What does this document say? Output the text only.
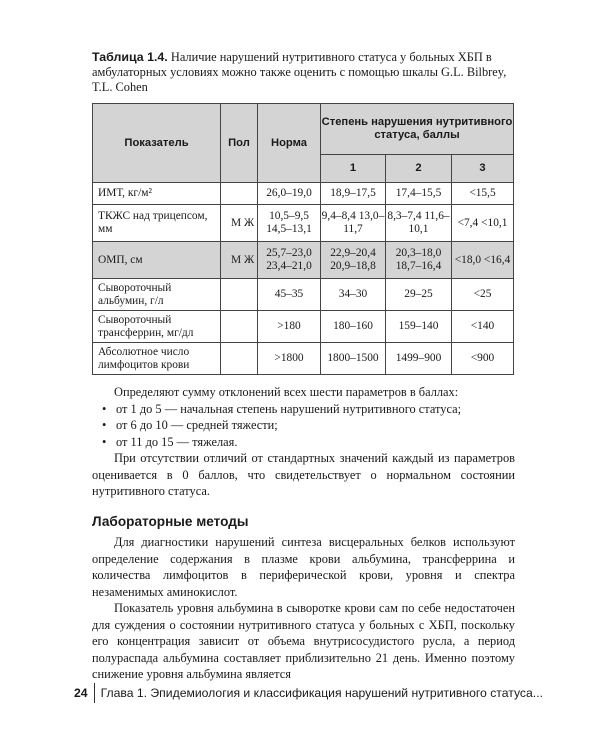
Таблица 1.4. Наличие нарушений нутритивного статуса у больных ХБП в амбулаторных условиях можно также оценить с помощью шкалы G.L. Bilbrey, T.L. Cohen

Показатель	Пол	Норма	Степень нарушения нутритивного статуса, баллы		
			1	2	3
ИМТ, кг/м²		26,0–19,0	18,9–17,5	17,4–15,5	<15,5
ТКЖС над трицепсом, мм	М Ж	10,5–9,5 14,5–13,1	9,4–8,4 13,0–11,7	8,3–7,4 11,6–10,1	<7,4 <10,1
ОМП, см	М Ж	25,7–23,0 23,4–21,0	22,9–20,4 20,9–18,8	20,3–18,0 18,7–16,4	<18,0 <16,4
Сывороточный альбумин, г/л		45–35	34–30	29–25	<25
Сывороточный трансферрин, мг/дл		>180	180–160	159–140	<140
Абсолютное число лимфоцитов крови		>1800	1800–1500	1499–900	<900

Определяют сумму отклонений всех шести параметров в баллах:

• от 1 до 5 — начальная степень нарушений нутритивного статуса;
• от 6 до 10 — средней тяжести;
• от 11 до 15 — тяжелая.

При отсутствии отличий от стандартных значений каждый из параметров оценивается в 0 баллов, что свидетельствует о нормальном состоянии нутритивного статуса.

Лабораторные методы

Для диагностики нарушений синтеза висцеральных белков используют определение содержания в плазме крови альбумина, трансферрина и количества лимфоцитов в периферической крови, уровня и спектра незаменимых аминокислот.

Показатель уровня альбумина в сыворотке крови сам по себе недостаточен для суждения о состоянии нутритивного статуса у больных с ХБП, поскольку его концентрация зависит от объема внутрисосудистого русла, а период полураспада альбумина составляет приблизительно 21 день. Именно поэтому снижение уровня альбумина является

24 Глава 1. Эпидемиология и классификация нарушений нутритивного статуса...
